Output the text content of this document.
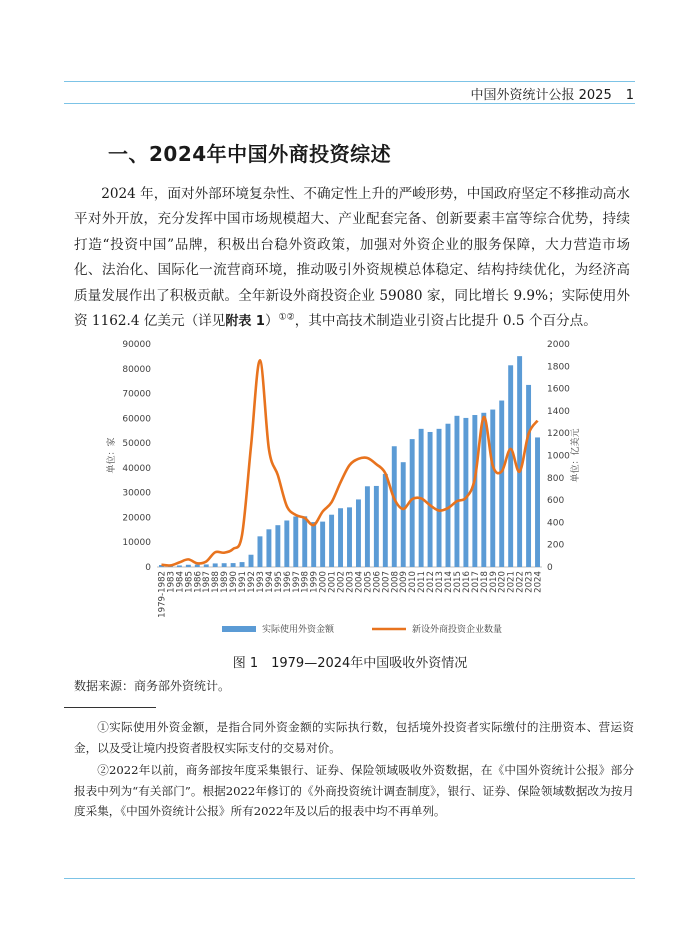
中国外资统计公报 2025 1
一、2024年中国外商投资综述
2024 年，面对外部环境复杂性、不确定性上升的严峻形势，中国政府坚定不移推动高水平对外开放，充分发挥中国市场规模超大、产业配套完备、创新要素丰富等综合优势，持续打造“投资中国”品牌，积极出台稳外资政策，加强对外资企业的服务保障，大力营造市场化、法治化、国际化一流营商环境，推动吸引外资规模总体稳定、结构持续优化，为经济高质量发展作出了积极贡献。全年新设外商投资企业 59080 家，同比增长 9.9%；实际使用外资 1162.4 亿美元（详见附表 1）①②，其中高技术制造业引资占比提升 0.5 个百分点。
0
10000
20000
30000
40000
50000
60000
70000
80000
90000
0
200
400
600
800
1000
1200
1400
1600
1800
2000
单位：家	单位：亿美元
1979-1982
1983
1984
1985
1986
1987
1988
1989
1990
1991
1992
1993
1994
1995
1996
1997
1998
1999
2000
2001
2002
2003
2004
2005
2006
2007
2008
2009
2010
2011
2012
2013
2014
2015
2016
2017
2018
2019
2020
2021
2022
2023
2024
实际使用外资金额	新设外商投资企业数量
图 1　1979—2024年中国吸收外资情况
数据来源：商务部外资统计。
①实际使用外资金额，是指合同外资金额的实际执行数，包括境外投资者实际缴付的注册资本、营运资金，以及受让境内投资者股权实际支付的交易对价。
②2022年以前，商务部按年度采集银行、证券、保险领域吸收外资数据，在《中国外资统计公报》部分报表中列为“有关部门”。根据2022年修订的《外商投资统计调查制度》，银行、证券、保险领域数据改为按月度采集，《中国外资统计公报》所有2022年及以后的报表中均不再单列。
